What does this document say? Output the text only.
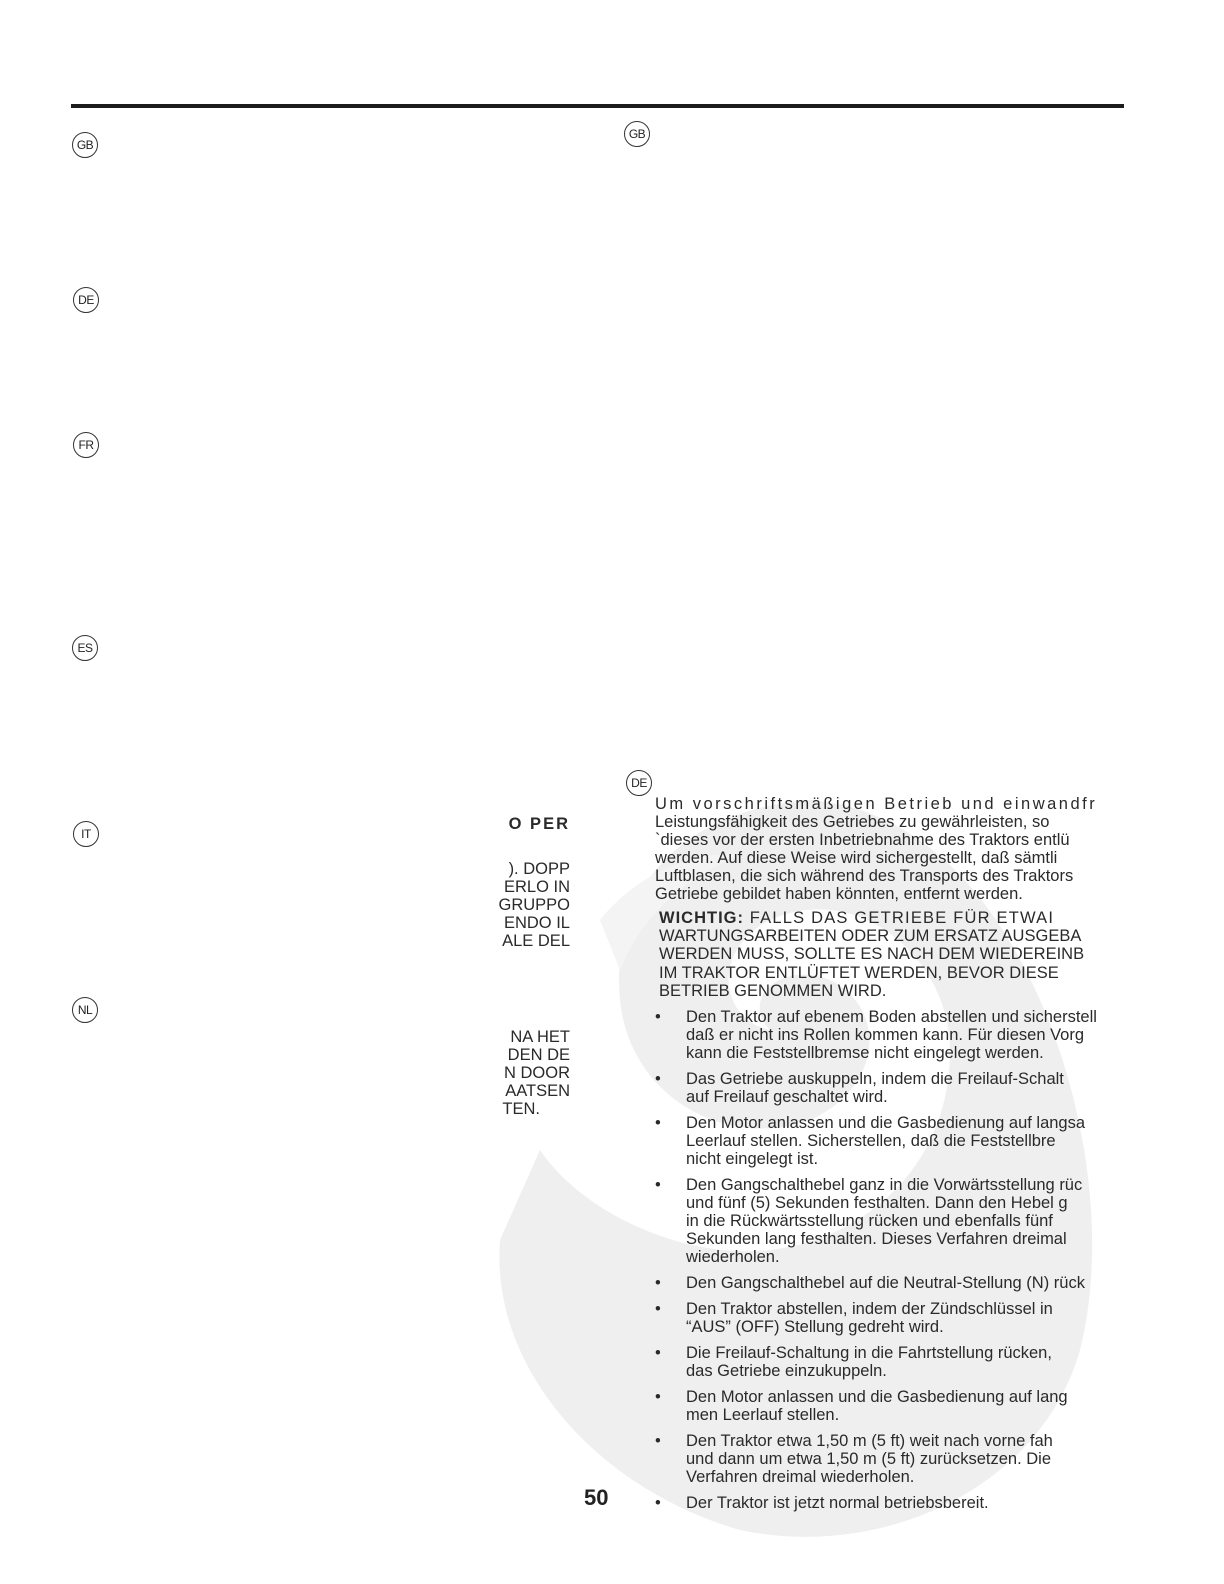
GB
DE
FR
ES
IT
NL
GB
O PER
). DOPP
ERLO IN
GRUPPO
ENDO IL
ALE DEL
NA HET
DEN DE
N DOOR
AATSEN
TEN.
DE

Um vorschriftsmäßigen Betrieb und einwandfr

Leistungsfähigkeit des Getriebes zu gewährleisten, so

`dieses vor der ersten Inbetriebnahme des Traktors entlü

werden. Auf diese Weise wird sichergestellt, daß sämtli

Luftblasen, die sich während des Transports des Traktors

Getriebe gebildet haben könnten, entfernt werden.

WICHTIG: FALLS DAS GETRIEBE FÜR ETWAI

WARTUNGSARBEITEN ODER ZUM ERSATZ AUSGEBA

WERDEN MUSS, SOLLTE ES NACH DEM WIEDEREINB

IM TRAKTOR ENTLÜFTET WERDEN, BEVOR DIESE

BETRIEB GENOMMEN WIRD.

• Den Traktor auf ebenem Boden abstellen und sicherstell

daß er nicht ins Rollen kommen kann. Für diesen Vorg

kann die Feststellbremse nicht eingelegt werden.

• Das Getriebe auskuppeln, indem die Freilauf-Schalt

auf Freilauf geschaltet wird.

• Den Motor anlassen und die Gasbedienung auf langsa

Leerlauf stellen. Sicherstellen, daß die Feststellbre

nicht eingelegt ist.

• Den Gangschalthebel ganz in die Vorwärtsstellung rüc

und fünf (5) Sekunden festhalten. Dann den Hebel g

in die Rückwärtsstellung rücken und ebenfalls fünf

Sekunden lang festhalten. Dieses Verfahren dreimal

wiederholen.

• Den Gangschalthebel auf die Neutral-Stellung (N) rück

• Den Traktor abstellen, indem der Zündschlüssel in

“AUS” (OFF) Stellung gedreht wird.

• Die Freilauf-Schaltung in die Fahrtstellung rücken,

das Getriebe einzukuppeln.

• Den Motor anlassen und die Gasbedienung auf lang

men Leerlauf stellen.

• Den Traktor etwa 1,50 m (5 ft) weit nach vorne fah

und dann um etwa 1,50 m (5 ft) zurücksetzen. Die

Verfahren dreimal wiederholen.

• Der Traktor ist jetzt normal betriebsbereit.

50
